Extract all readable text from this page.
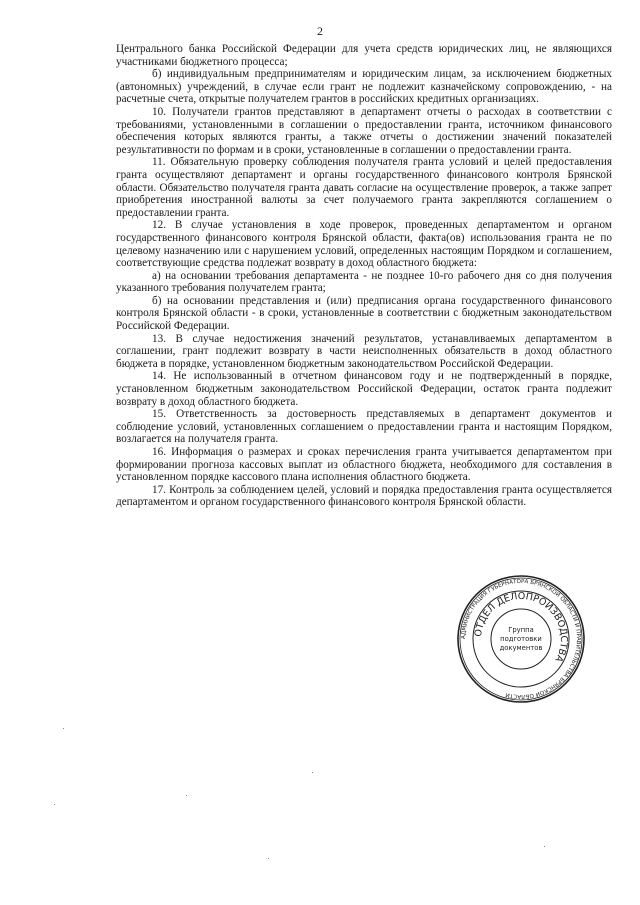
2

Центрального банка Российской Федерации для учета средств юридических лиц, не являющихся участниками бюджетного процесса;

б) индивидуальным предпринимателям и юридическим лицам, за исключением бюджетных (автономных) учреждений, в случае если грант не подлежит казначейскому сопровождению, - на расчетные счета, открытые получателем грантов в российских кредитных организациях.

10. Получатели грантов представляют в департамент отчеты о расходах в соответствии с требованиями, установленными в соглашении о предоставлении гранта, источником финансового обеспечения которых являются гранты, а также отчеты о достижении значений показателей результативности по формам и в сроки, установленные в соглашении о предоставлении гранта.

11. Обязательную проверку соблюдения получателя гранта условий и целей предоставления гранта осуществляют департамент и органы государственного финансового контроля Брянской области. Обязательство получателя гранта давать согласие на осуществление проверок, а также запрет приобретения иностранной валюты за счет получаемого гранта закрепляются соглашением о предоставлении гранта.

12. В случае установления в ходе проверок, проведенных департаментом и органом государственного финансового контроля Брянской области, факта(ов) использования гранта не по целевому назначению или с нарушением условий, определенных настоящим Порядком и соглашением, соответствующие средства подлежат возврату в доход областного бюджета:

а) на основании требования департамента - не позднее 10-го рабочего дня со дня получения указанного требования получателем гранта;

б) на основании представления и (или) предписания органа государственного финансового контроля Брянской области - в сроки, установленные в соответствии с бюджетным законодательством Российской Федерации.

13. В случае недостижения значений результатов, устанавливаемых департаментом в соглашении, грант подлежит возврату в части неисполненных обязательств в доход областного бюджета в порядке, установленном бюджетным законодательством Российской Федерации.

14. Не использованный в отчетном финансовом году и не подтвержденный в порядке, установленном бюджетным законодательством Российской Федерации, остаток гранта подлежит возврату в доход областного бюджета.

15. Ответственность за достоверность представляемых в департамент документов и соблюдение условий, установленных соглашением о предоставлении гранта и настоящим Порядком, возлагается на получателя гранта.

16. Информация о размерах и сроках перечисления гранта учитывается департаментом при формировании прогноза кассовых выплат из областного бюджета, необходимого для составления в установленном порядке кассового плана исполнения областного бюджета.

17. Контроль за соблюдением целей, условий и порядка предоставления гранта осуществляется департаментом и органом государственного финансового контроля Брянской области.

АДМИНИСТРАЦИЯ ГУБЕРНАТОРА БРЯНСКОЙ ОБЛАСТИ И ПРАВИТЕЛЬСТВА БРЯНСКОЙ ОБЛАСТИ
ОТДЕЛ ДЕЛОПРОИЗВОДСТВА
Группа
подготовки
документов
